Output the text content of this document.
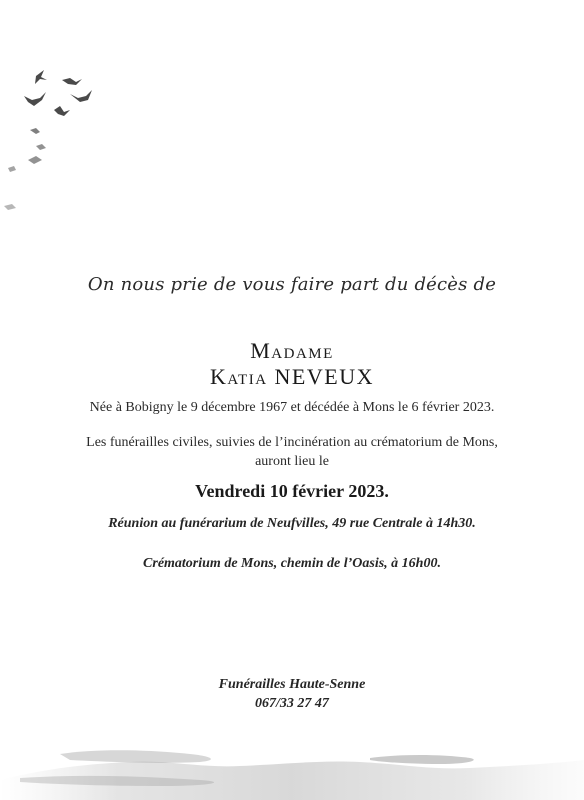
On nous prie de vous faire part du décès de
Madame
Katia NEVEUX
Née à Bobigny le 9 décembre 1967 et décédée à Mons le 6 février 2023.
Les funérailles civiles, suivies de l’incinération au crématorium de Mons,
auront lieu le
Vendredi 10 février 2023.
Réunion au funérarium de Neufvilles, 49 rue Centrale à 14h30.
Crématorium de Mons, chemin de l’Oasis, à 16h00.
Funérailles Haute-Senne
067/33 27 47
